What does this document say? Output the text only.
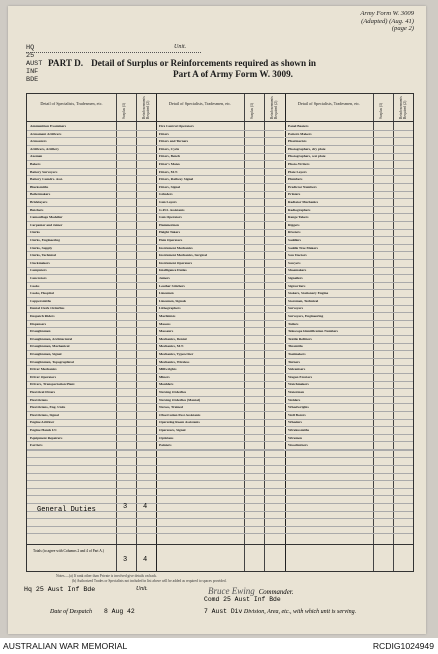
Army Form W. 3009
(Adapted) (Aug. 41)
(page 2)
HQ 25 AUST INF BDE
Unit.
PART D. Detail of Surplus or Reinforcements required as shown in
Part A of Army Form W. 3009.
Detail of Specialists, Tradesmen, etc.	Surplus (1)	Reinforcements Required (2)	Detail of Specialists, Tradesmen, etc.	Surplus (1)	Reinforcements Required (2)	Detail of Specialists, Tradesmen, etc.	Surplus (1)	Reinforcements Required (2)
Ammunition Examiners
Armament Artificers
Armourers
Artificers, Artillery
Axemen
Bakers
Battery Surveyors
Battery Comdrs. Asst.
Blacksmiths
Boilermakers
Bricklayers
Butchers
Camouflage Modeller
Carpenter and Joiner
Clerks
Clerks, Engineering
Clerks, Supply
Clerks, Technical
Clockmakers
Computers
Concretors
Cooks
Cooks, Hospital
Coppersmiths
Dental Clerk Orderlies
Despatch Riders
Dispensers
Draughtsmen
Draughtsmen, Architectural
Draughtsmen, Mechanical
Draughtsmen, Signal
Draughtsmen, Topographical
Driver Mechanics
Driver Operators
Drivers, Transportation Plant
Electrical Fitters
Electricians
Electricians, Eng. Units
Electricians, Signal
Engine Artificer
Engine Hands I/C
Equipment Repairers
Farriers
Fire Control Operators
Fitters
Fitters and Turners
Fitters, Cycle
Fitters, Bench
Fitter's Mates
Fitters, M.T.
Fitters, Railway Signal
Fitters, Signal
Grinders
Gun Layers
G.P.O. Assistants
Gun Operators
Hammermen
Height Takers
Hole Operators
Instrument Mechanics
Instrument Mechanics, Surgical
Instrument Operators
Intelligence Duties
Joiners
Leather Stitchers
Linesmen
Linesmen, Signals
Lithographers
Machinists
Masons
Masseurs
Mechanics, Dental
Mechanics, M.T.
Mechanics, Typewriter
Mechanics, Wireless
Millwrights
Miners
Moulders
Nursing Orderlies
Nursing Orderlies (Mental)
Nurses, Trained
Observation Post Assistants
Operating Room Assistants
Operators, Signal
Opticians
Painters
Panel Beaters
Pattern Makers
Pharmacists
Photographers, dry plate
Photographers, wet plate
Photo-Writers
Plate Layers
Plumbers
Predictor Numbers
Printers
Radiator Mechanics
Radiographers
Range Takers
Riggers
Riveters
Saddlers
Saddle Tree Makers
Saw Doctors
Sawyers
Shoemakers
Signallers
Signwriters
Stokers, Stationary Engine
Storemen, Technical
Surveyors
Surveyors, Engineering
Tailors
Telescope Identification Numbers
Textile Refitters
Tinsmiths
Toolmakers
Turners
Vulcanisers
Wagon Erectors
Watchmakers
Waterman
Welders
Wheelwrights
Well Borers
Wheelers
Wirelessmiths
Wiremen
Woodturners
General Duties	3 4
Totals (to agree with Columns 2 and 4 of Part A.)
3 4
Notes.—(a) If rank other than Private is involved give details on back.
(b) Authorized Trades or Specialists not included in list above will be added as required to spaces provided.
Hq 25 Aust Inf Bde	Unit.	Bruce Ewing Commander.
Comd 25 Aust Inf Bde
Date of Despatch 8 Aug 42	7 Aust Div Division, Area, etc., with which unit is serving.
AUSTRALIAN WAR MEMORIAL	RCDIG1024949
